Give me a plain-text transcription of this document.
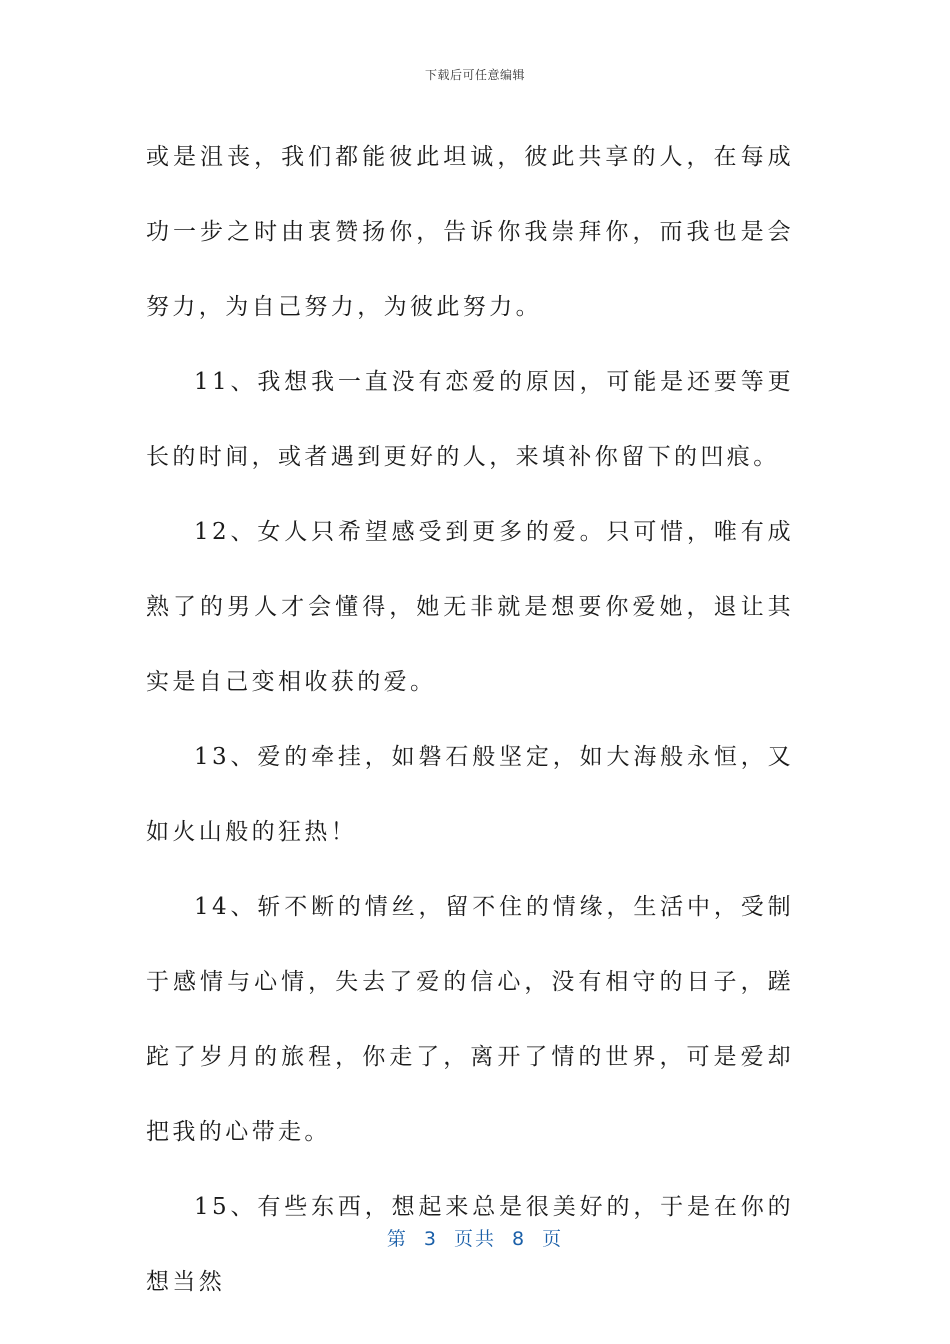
下载后可任意编辑

或是沮丧，我们都能彼此坦诚，彼此共享的人，在每成功一步之时由衷赞扬你，告诉你我崇拜你，而我也是会努力，为自己努力，为彼此努力。

11、我想我一直没有恋爱的原因，可能是还要等更长的时间，或者遇到更好的人，来填补你留下的凹痕。

12、女人只希望感受到更多的爱。只可惜，唯有成熟了的男人才会懂得，她无非就是想要你爱她，退让其实是自己变相收获的爱。

13、爱的牵挂，如磐石般坚定，如大海般永恒，又如火山般的狂热！

14、斩不断的情丝，留不住的情缘，生活中，受制于感情与心情，失去了爱的信心，没有相守的日子，蹉跎了岁月的旅程，你走了，离开了情的世界，可是爱却把我的心带走。

15、有些东西，想起来总是很美好的，于是在你的想当然

第 3 页共 8 页
